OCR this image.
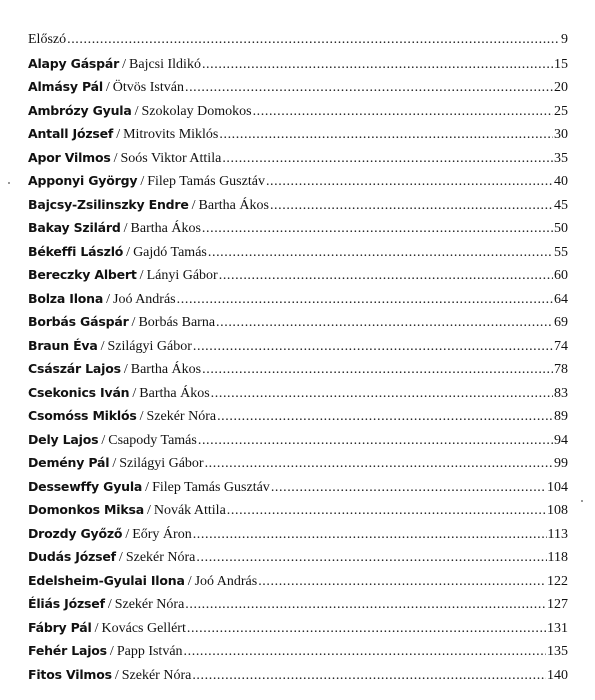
Előszó .....	9
Alapy Gáspár / Bajcsi Ildikó .....	15
Almásy Pál / Ötvös István .....	20
Ambrózy Gyula / Szokolay Domokos .....	25
Antall József / Mitrovits Miklós .....	30
Apor Vilmos / Soós Viktor Attila .....	35
Apponyi György / Filep Tamás Gusztáv .....	40
Bajcsy-Zsilinszky Endre / Bartha Ákos .....	45
Bakay Szilárd / Bartha Ákos .....	50
Békeffi László / Gajdó Tamás .....	55
Bereczky Albert / Lányi Gábor .....	60
Bolza Ilona / Joó András .....	64
Borbás Gáspár / Borbás Barna .....	69
Braun Éva / Szilágyi Gábor .....	74
Császár Lajos / Bartha Ákos .....	78
Csekonics Iván / Bartha Ákos .....	83
Csomóss Miklós / Szekér Nóra .....	89
Dely Lajos / Csapody Tamás .....	94
Demény Pál / Szilágyi Gábor .....	99
Dessewffy Gyula / Filep Tamás Gusztáv .....	104
Domonkos Miksa / Novák Attila .....	108
Drozdy Győző / Eőry Áron .....	113
Dudás József / Szekér Nóra .....	118
Edelsheim-Gyulai Ilona / Joó András .....	122
Éliás József / Szekér Nóra .....	127
Fábry Pál / Kovács Gellért .....	131
Fehér Lajos / Papp István .....	135
Fitos Vilmos / Szekér Nóra .....	140
